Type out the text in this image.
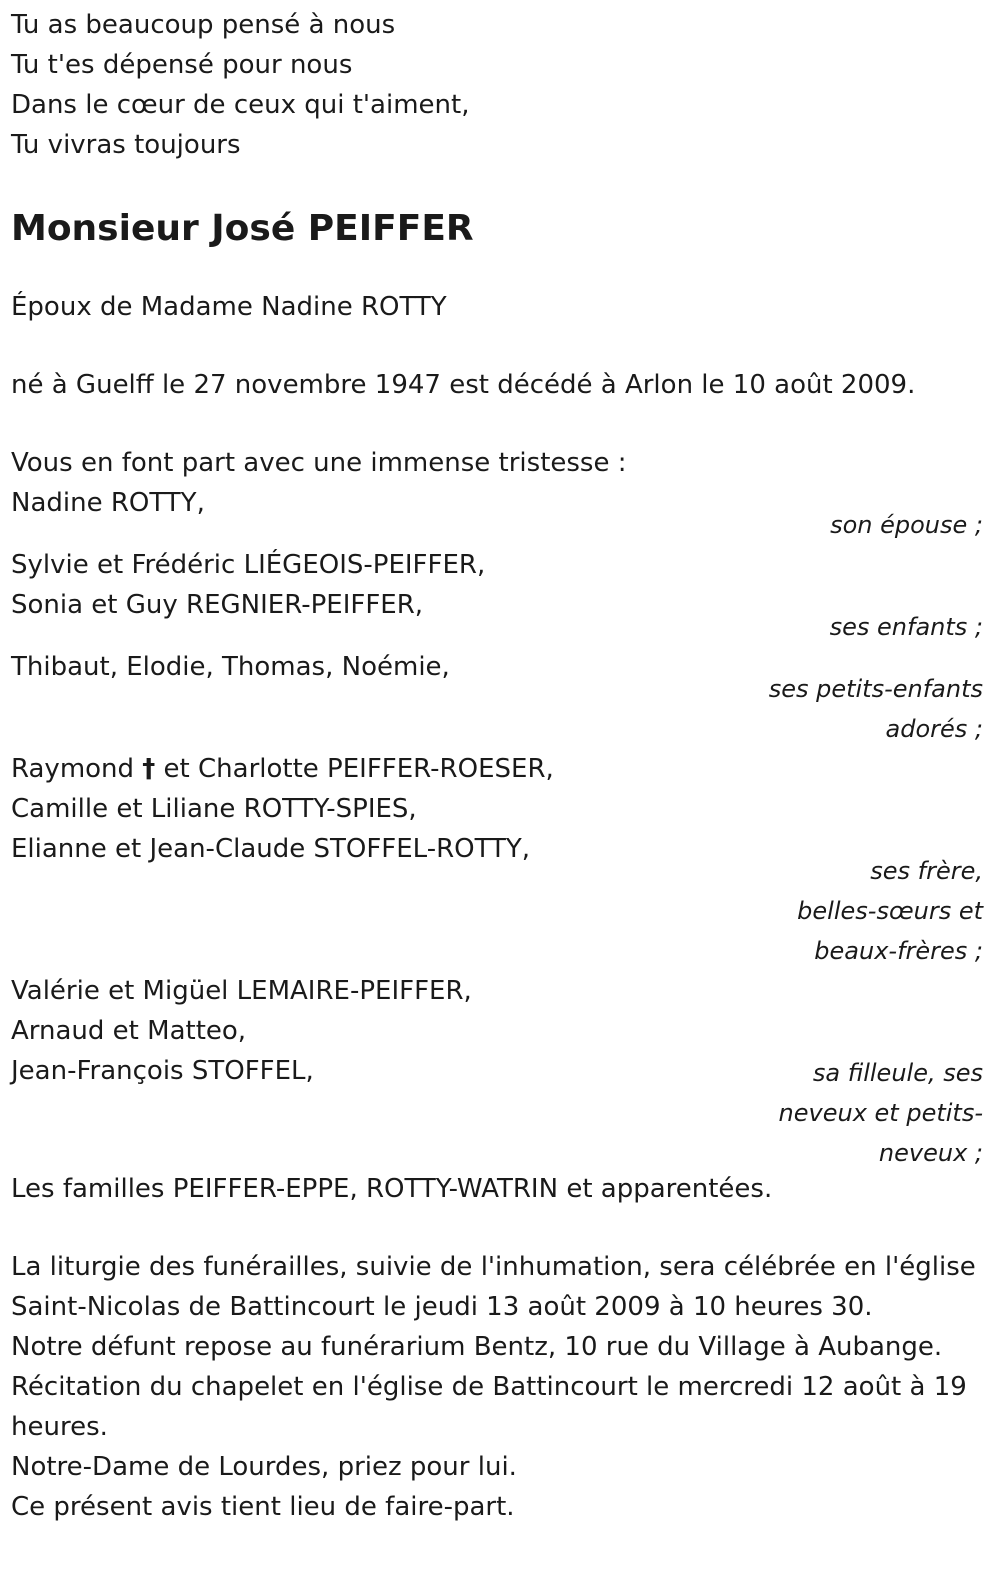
Tu as beaucoup pensé à nous
Tu t'es dépensé pour nous
Dans le cœur de ceux qui t'aiment,
Tu vivras toujours
Monsieur José PEIFFER
Époux de Madame Nadine ROTTY
né à Guelff le 27 novembre 1947 est décédé à Arlon le 10 août 2009.
Vous en font part avec une immense tristesse :
Nadine ROTTY,
son épouse ;
Sylvie et Frédéric LIÉGEOIS-PEIFFER,
Sonia et Guy REGNIER-PEIFFER,
ses enfants ;
Thibaut, Elodie, Thomas, Noémie,
ses petits-enfants
adorés ;
Raymond † et Charlotte PEIFFER-ROESER,
Camille et Liliane ROTTY-SPIES,
Elianne et Jean-Claude STOFFEL-ROTTY,
ses frère,
belles-sœurs et
beaux-frères ;
Valérie et Migüel LEMAIRE-PEIFFER,
Arnaud et Matteo,
Jean-François STOFFEL,	sa filleule, ses
neveux et petits-
neveux ;
Les familles PEIFFER-EPPE, ROTTY-WATRIN et apparentées.
La liturgie des funérailles, suivie de l'inhumation, sera célébrée en l'église
Saint-Nicolas de Battincourt le jeudi 13 août 2009 à 10 heures 30.
Notre défunt repose au funérarium Bentz, 10 rue du Village à Aubange.
Récitation du chapelet en l'église de Battincourt le mercredi 12 août à 19
heures.
Notre-Dame de Lourdes, priez pour lui.
Ce présent avis tient lieu de faire-part.
